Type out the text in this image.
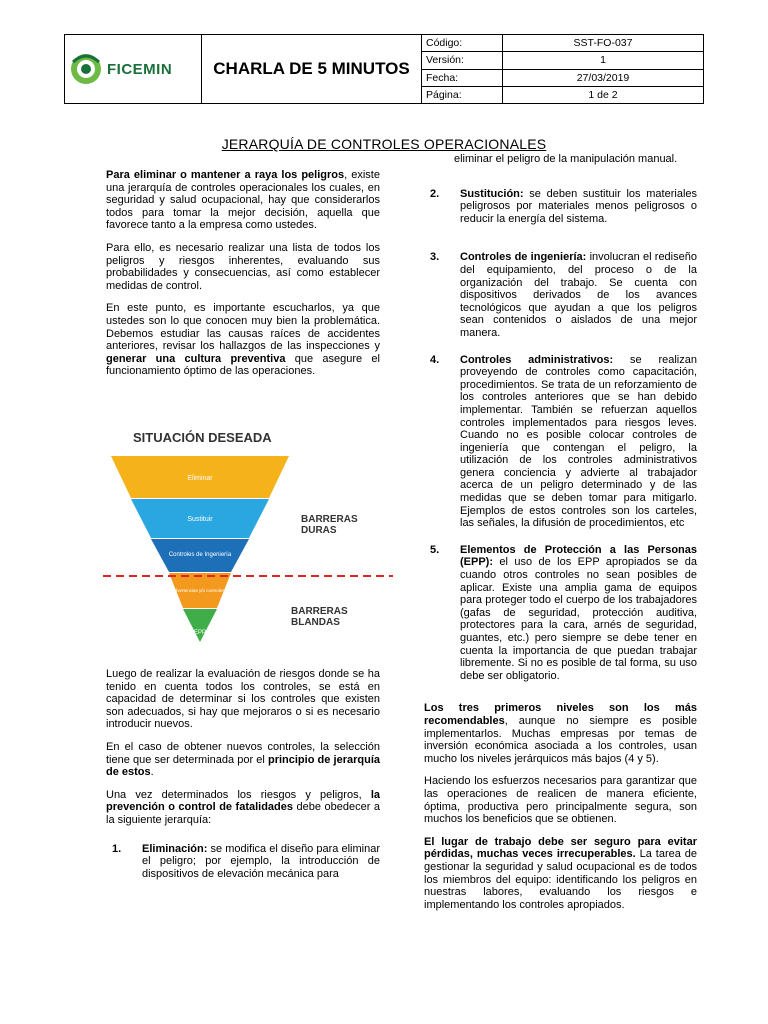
FICEMIN	CHARLA DE 5 MINUTOS	Código:	SST-FO-037
		Versión:	1
		Fecha:	27/03/2019
		Página:	1 de 2
JERARQUÍA DE CONTROLES OPERACIONALES

Para eliminar o mantener a raya los peligros, existe una jerarquía de controles operacionales los cuales, en seguridad y salud ocupacional, hay que considerarlos todos para tomar la mejor decisión, aquella que favorece tanto a la empresa como ustedes.

Para ello, es necesario realizar una lista de todos los peligros y riesgos inherentes, evaluando sus probabilidades y consecuencias, así como establecer medidas de control.

En este punto, es importante escucharlos, ya que ustedes son lo que conocen muy bien la problemática. Debemos estudiar las causas raíces de accidentes anteriores, revisar los hallazgos de las inspecciones y generar una cultura preventiva que asegure el funcionamiento óptimo de las operaciones.

SITUACIÓN DESEADA
Eliminar
Sustituir
Controles de Ingeniería
Señalización, advertencias y/o controles administrativos
EPP
BARRERAS DURAS
BARRERAS BLANDAS

Luego de realizar la evaluación de riesgos donde se ha tenido en cuenta todos los controles, se está en capacidad de determinar si los controles que existen son adecuados, si hay que mejoraros o si es necesario introducir nuevos.

En el caso de obtener nuevos controles, la selección tiene que ser determinada por el principio de jerarquía de estos.

Una vez determinados los riesgos y peligros, la prevención o control de fatalidades debe obedecer a la siguiente jerarquía:

1.	Eliminación: se modifica el diseño para eliminar el peligro; por ejemplo, la introducción de dispositivos de elevación mecánica para

eliminar el peligro de la manipulación manual.

2.	Sustitución: se deben sustituir los materiales peligrosos por materiales menos peligrosos o reducir la energía del sistema.
3.	Controles de ingeniería: involucran el rediseño del equipamiento, del proceso o de la organización del trabajo. Se cuenta con dispositivos derivados de los avances tecnológicos que ayudan a que los peligros sean contenidos o aislados de una mejor manera.
4.	Controles administrativos: se realizan proveyendo de controles como capacitación, procedimientos. Se trata de un reforzamiento de los controles anteriores que se han debido implementar. También se refuerzan aquellos controles implementados para riesgos leves. Cuando no es posible colocar controles de ingeniería que contengan el peligro, la utilización de los controles administrativos genera conciencia y advierte al trabajador acerca de un peligro determinado y de las medidas que se deben tomar para mitigarlo. Ejemplos de estos controles son los carteles, las señales, la difusión de procedimientos, etc
5.	Elementos de Protección a las Personas (EPP): el uso de los EPP apropiados se da cuando otros controles no sean posibles de aplicar. Existe una amplia gama de equipos para proteger todo el cuerpo de los trabajadores (gafas de seguridad, protección auditiva, protectores para la cara, arnés de seguridad, guantes, etc.) pero siempre se debe tener en cuenta la importancia de que puedan trabajar libremente. Si no es posible de tal forma, su uso debe ser obligatorio.

Los tres primeros niveles son los más recomendables, aunque no siempre es posible implementarlos. Muchas empresas por temas de inversión económica asociada a los controles, usan mucho los niveles jerárquicos más bajos (4 y 5).

Haciendo los esfuerzos necesarios para garantizar que las operaciones de realicen de manera eficiente, óptima, productiva pero principalmente segura, son muchos los beneficios que se obtienen.

El lugar de trabajo debe ser seguro para evitar pérdidas, muchas veces irrecuperables. La tarea de gestionar la seguridad y salud ocupacional es de todos los miembros del equipo: identificando los peligros en nuestras labores, evaluando los riesgos e implementando los controles apropiados.
